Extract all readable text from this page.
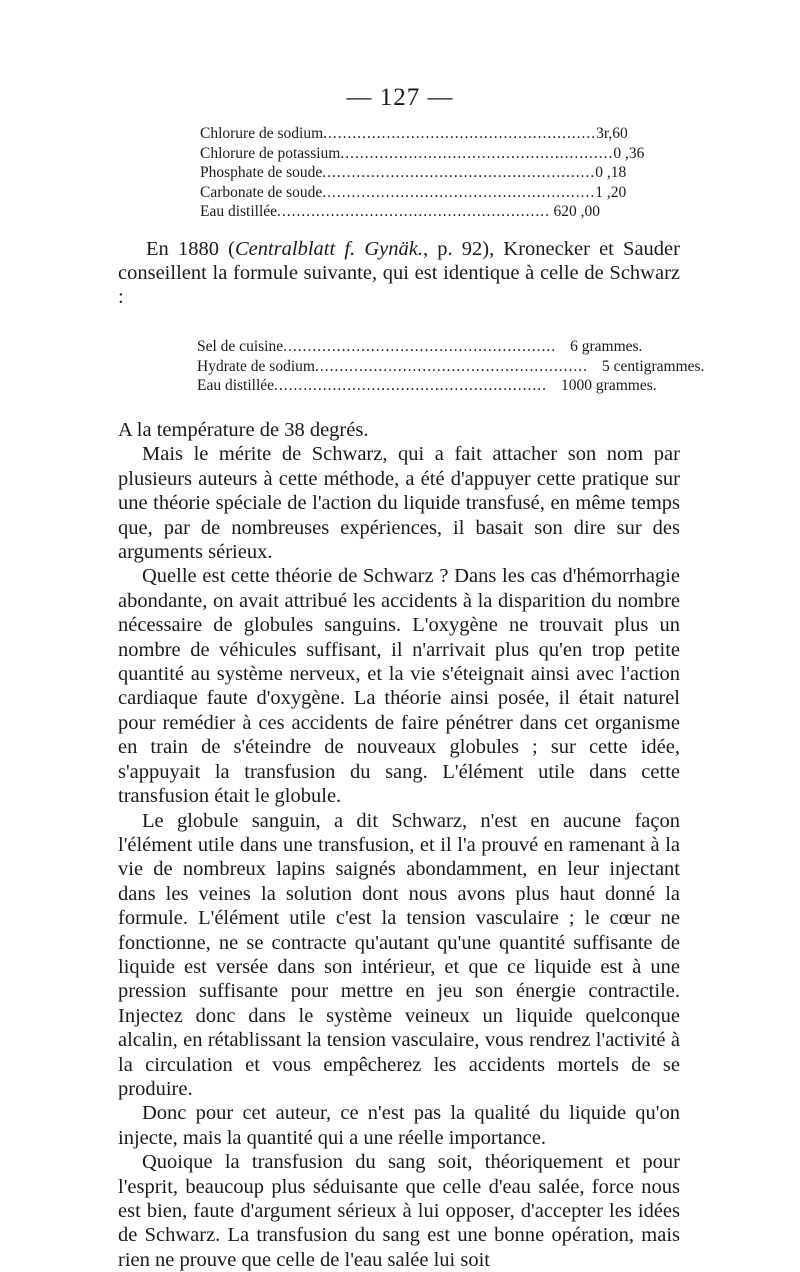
— 127 —
Chlorure de sodium ........................................................ 3r,60
Chlorure de potassium ........................................................ 0 ,36
Phosphate de soude ........................................................ 0 ,18
Carbonate de soude ........................................................ 1 ,20
Eau distillée ........................................................ 620 ,00
En 1880 (Centralblatt f. Gynäk., p. 92), Kronecker et Sauder conseillent la formule suivante, qui est identique à celle de Schwarz :
Sel de cuisine ........................................................ 6 grammes.
Hydrate de sodium ........................................................ 5 centigrammes.
Eau distillée ........................................................ 1000 grammes.

A la température de 38 degrés.

Mais le mérite de Schwarz, qui a fait attacher son nom par plusieurs auteurs à cette méthode, a été d'appuyer cette pratique sur une théorie spéciale de l'action du liquide transfusé, en même temps que, par de nombreuses expériences, il basait son dire sur des arguments sérieux.

Quelle est cette théorie de Schwarz ? Dans les cas d'hémorrhagie abondante, on avait attribué les accidents à la disparition du nombre nécessaire de globules sanguins. L'oxygène ne trouvait plus un nombre de véhicules suffisant, il n'arrivait plus qu'en trop petite quantité au système nerveux, et la vie s'éteignait ainsi avec l'action cardiaque faute d'oxygène. La théorie ainsi posée, il était naturel pour remédier à ces accidents de faire pénétrer dans cet organisme en train de s'éteindre de nouveaux globules ; sur cette idée, s'appuyait la transfusion du sang. L'élément utile dans cette transfusion était le globule.

Le globule sanguin, a dit Schwarz, n'est en aucune façon l'élément utile dans une transfusion, et il l'a prouvé en ramenant à la vie de nombreux lapins saignés abondamment, en leur injectant dans les veines la solution dont nous avons plus haut donné la formule. L'élément utile c'est la tension vasculaire ; le cœur ne fonctionne, ne se contracte qu'autant qu'une quantité suffisante de liquide est versée dans son intérieur, et que ce liquide est à une pression suffisante pour mettre en jeu son énergie contractile. Injectez donc dans le système veineux un liquide quelconque alcalin, en rétablissant la tension vasculaire, vous rendrez l'activité à la circulation et vous empêcherez les accidents mortels de se produire.

Donc pour cet auteur, ce n'est pas la qualité du liquide qu'on injecte, mais la quantité qui a une réelle importance.

Quoique la transfusion du sang soit, théoriquement et pour l'esprit, beaucoup plus séduisante que celle d'eau salée, force nous est bien, faute d'argument sérieux à lui opposer, d'accepter les idées de Schwarz. La transfusion du sang est une bonne opération, mais rien ne prouve que celle de l'eau salée lui soit
